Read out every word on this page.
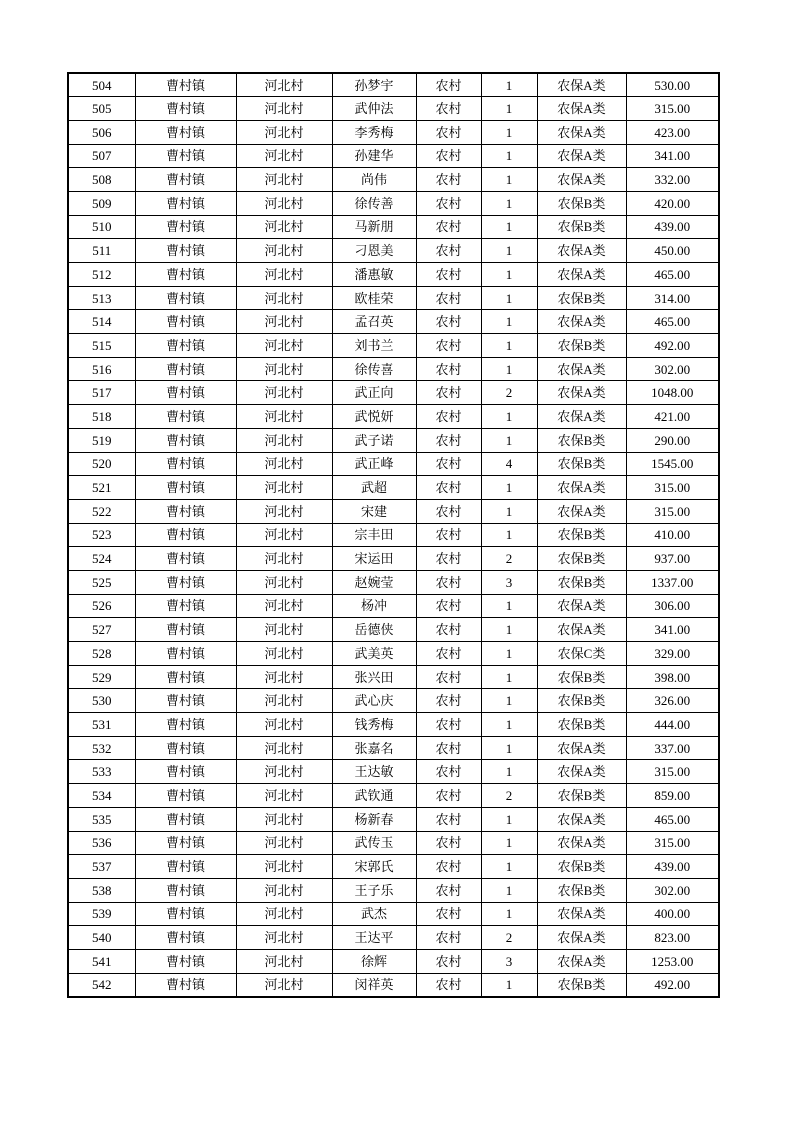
504	曹村镇	河北村	孙梦宇	农村	1	农保A类	530.00
505	曹村镇	河北村	武仲法	农村	1	农保A类	315.00
506	曹村镇	河北村	李秀梅	农村	1	农保A类	423.00
507	曹村镇	河北村	孙建华	农村	1	农保A类	341.00
508	曹村镇	河北村	尚伟	农村	1	农保A类	332.00
509	曹村镇	河北村	徐传善	农村	1	农保B类	420.00
510	曹村镇	河北村	马新朋	农村	1	农保B类	439.00
511	曹村镇	河北村	刁恩美	农村	1	农保A类	450.00
512	曹村镇	河北村	潘惠敏	农村	1	农保A类	465.00
513	曹村镇	河北村	欧桂荣	农村	1	农保B类	314.00
514	曹村镇	河北村	孟召英	农村	1	农保A类	465.00
515	曹村镇	河北村	刘书兰	农村	1	农保B类	492.00
516	曹村镇	河北村	徐传喜	农村	1	农保A类	302.00
517	曹村镇	河北村	武正向	农村	2	农保A类	1048.00
518	曹村镇	河北村	武悦妍	农村	1	农保A类	421.00
519	曹村镇	河北村	武子诺	农村	1	农保B类	290.00
520	曹村镇	河北村	武正峰	农村	4	农保B类	1545.00
521	曹村镇	河北村	武超	农村	1	农保A类	315.00
522	曹村镇	河北村	宋建	农村	1	农保A类	315.00
523	曹村镇	河北村	宗丰田	农村	1	农保B类	410.00
524	曹村镇	河北村	宋运田	农村	2	农保B类	937.00
525	曹村镇	河北村	赵婉莹	农村	3	农保B类	1337.00
526	曹村镇	河北村	杨冲	农村	1	农保A类	306.00
527	曹村镇	河北村	岳德侠	农村	1	农保A类	341.00
528	曹村镇	河北村	武美英	农村	1	农保C类	329.00
529	曹村镇	河北村	张兴田	农村	1	农保B类	398.00
530	曹村镇	河北村	武心庆	农村	1	农保B类	326.00
531	曹村镇	河北村	钱秀梅	农村	1	农保B类	444.00
532	曹村镇	河北村	张嘉名	农村	1	农保A类	337.00
533	曹村镇	河北村	王达敏	农村	1	农保A类	315.00
534	曹村镇	河北村	武钦通	农村	2	农保B类	859.00
535	曹村镇	河北村	杨新春	农村	1	农保A类	465.00
536	曹村镇	河北村	武传玉	农村	1	农保A类	315.00
537	曹村镇	河北村	宋郭氏	农村	1	农保B类	439.00
538	曹村镇	河北村	王子乐	农村	1	农保B类	302.00
539	曹村镇	河北村	武杰	农村	1	农保A类	400.00
540	曹村镇	河北村	王达平	农村	2	农保A类	823.00
541	曹村镇	河北村	徐辉	农村	3	农保A类	1253.00
542	曹村镇	河北村	闵祥英	农村	1	农保B类	492.00
